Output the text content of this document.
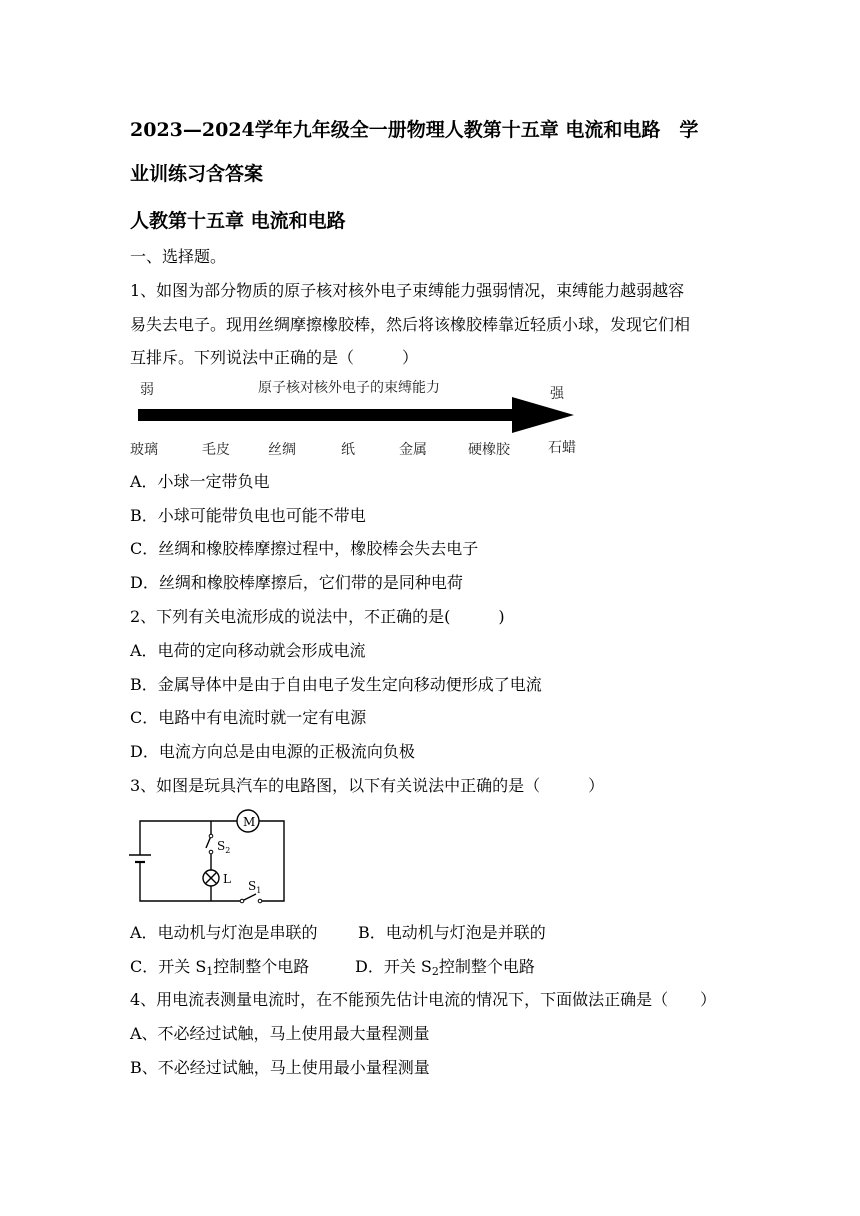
2023—2024学年九年级全一册物理人教第十五章 电流和电路　学
业训练习含答案
人教第十五章 电流和电路
一、选择题。
1、如图为部分物质的原子核对核外电子束缚能力强弱情况，束缚能力越弱越容
易失去电子。现用丝绸摩擦橡胶棒，然后将该橡胶棒靠近轻质小球，发现它们相
互排斥。下列说法中正确的是（　　　）
弱	原子核对核外电子的束缚能力	强
玻璃	毛皮	丝绸	纸	金属	硬橡胶	石蜡
A．小球一定带负电
B．小球可能带负电也可能不带电
C．丝绸和橡胶棒摩擦过程中，橡胶棒会失去电子
D．丝绸和橡胶棒摩擦后，它们带的是同种电荷
2、下列有关电流形成的说法中，不正确的是(　　　)
A．电荷的定向移动就会形成电流
B．金属导体中是由于自由电子发生定向移动便形成了电流
C．电路中有电流时就一定有电源
D．电流方向总是由电源的正极流向负极
3、如图是玩具汽车的电路图，以下有关说法中正确的是（　　　）
M
$S_2$
L $S_1$
A．电动机与灯泡是串联的	B．电动机与灯泡是并联的
C．开关 $S_1$控制整个电路	D．开关 $S_2$控制整个电路
4、用电流表测量电流时，在不能预先估计电流的情况下，下面做法正确是（　　）
A、不必经过试触，马上使用最大量程测量
B、不必经过试触，马上使用最小量程测量
